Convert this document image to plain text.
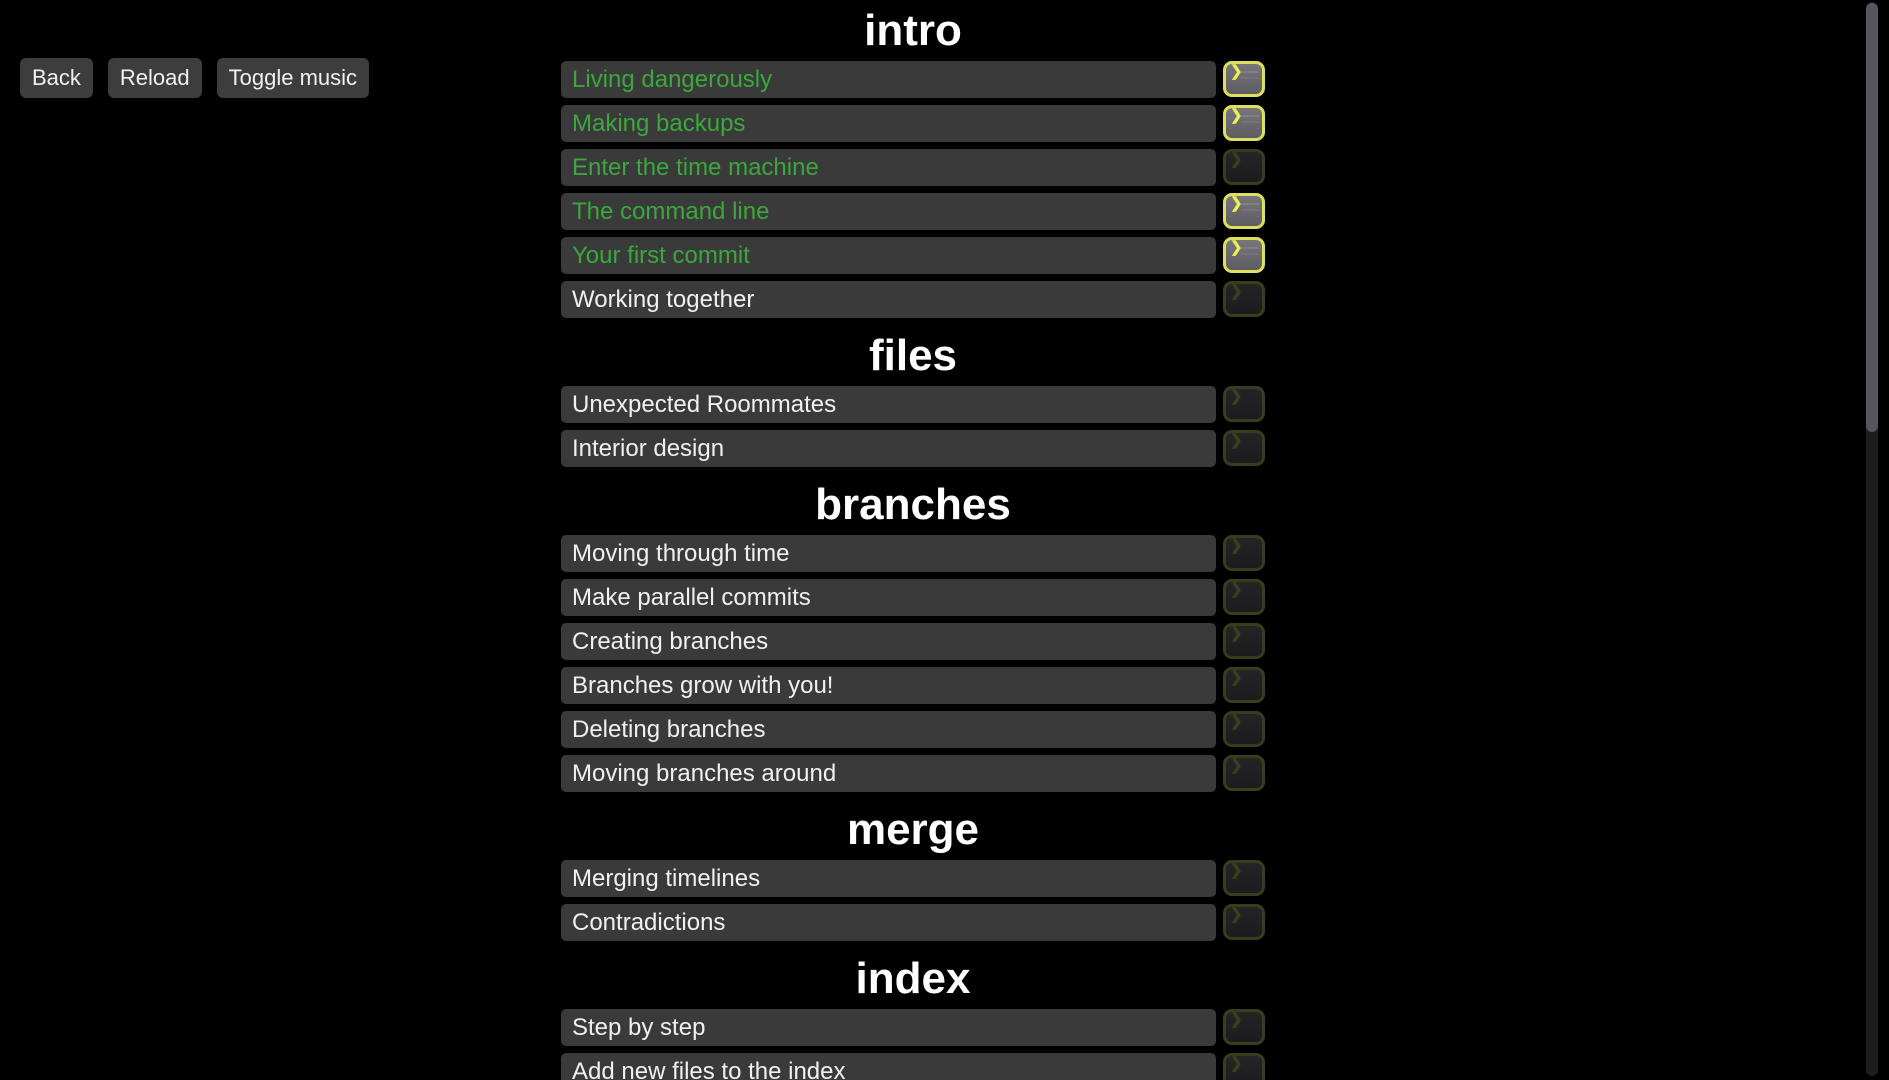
Back	Reload	Toggle music
intro
Living dangerously	❯
Making backups	❯
Enter the time machine	❯
The command line	❯
Your first commit	❯
Working together	❯
files
Unexpected Roommates	❯
Interior design	❯
branches
Moving through time	❯
Make parallel commits	❯
Creating branches	❯
Branches grow with you!	❯
Deleting branches	❯
Moving branches around	❯
merge
Merging timelines	❯
Contradictions	❯
index
Step by step	❯
Add new files to the index	❯
